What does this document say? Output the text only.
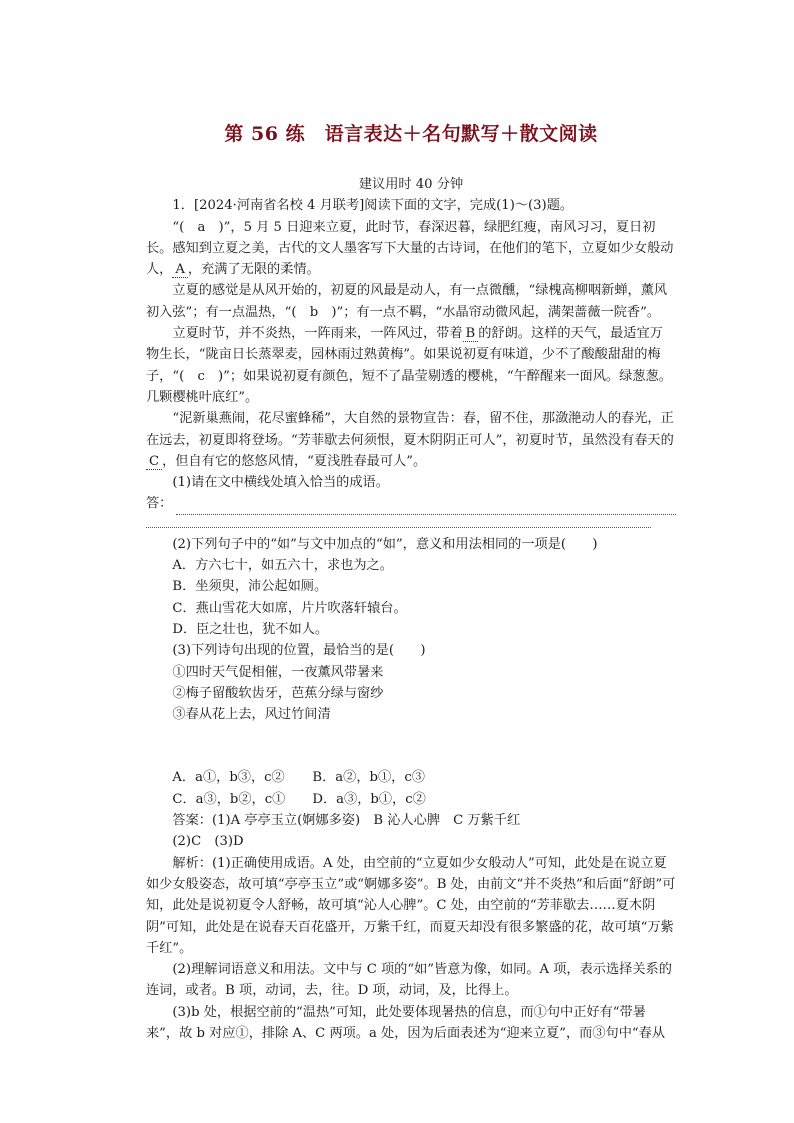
第 56 练　语言表达＋名句默写＋散文阅读

建议用时 40 分钟

1．[2024·河南省名校 4 月联考]阅读下面的文字，完成(1)～(3)题。

“(　a　)”，5 月 5 日迎来立夏，此时节，春深迟暮，绿肥红瘦，南风习习，夏日初长。感知到立夏之美，古代的文人墨客写下大量的古诗词，在他们的笔下，立夏如少女般动人， A ，充满了无限的柔情。

立夏的感觉是从风开始的，初夏的风最是动人，有一点微醺，“绿槐高柳咽新蝉，薰风初入弦”；有一点温热，“(　b　)”；有一点不羁，“水晶帘动微风起，满架蔷薇一院香”。

立夏时节，并不炎热，一阵雨来，一阵风过，带着 B 的舒朗。这样的天气，最适宜万物生长，“陇亩日长蒸翠麦，园林雨过熟黄梅”。如果说初夏有味道，少不了酸酸甜甜的梅子，“(　c　)”；如果说初夏有颜色，短不了晶莹剔透的樱桃，“午醉醒来一面风。绿葱葱。几颗樱桃叶底红”。

“泥新巢燕闹，花尽蜜蜂稀”，大自然的景物宣告：春，留不住，那潋滟动人的春光，正在远去，初夏即将登场。“芳菲歇去何须恨，夏木阴阴正可人”，初夏时节，虽然没有春天的C ，但自有它的悠悠风情，“夏浅胜春最可人”。

(1)请在文中横线处填入恰当的成语。

答：

(2)下列句子中的“如”与文中加点的“如”，意义和用法相同的一项是(　　)

A．方六七十，如五六十，求也为之。

B．坐须臾，沛公起如厕。

C．燕山雪花大如席，片片吹落轩辕台。

D．臣之壮也，犹不如人。

(3)下列诗句出现的位置，最恰当的是(　　)

①四时天气促相催，一夜薰风带暑来

②梅子留酸软齿牙，芭蕉分绿与窗纱

③春从花上去，风过竹间清

A．a①，b③，c② B．a②，b①，c③

C．a③，b②，c① D．a③，b①，c②

答案：(1)A 亭亭玉立(婀娜多姿)　B 沁人心脾　C 万紫千红

(2)C　(3)D

解析：(1)正确使用成语。A 处，由空前的“立夏如少女般动人”可知，此处是在说立夏如少女般姿态，故可填“亭亭玉立”或“婀娜多姿”。B 处，由前文“并不炎热”和后面“舒朗”可知，此处是说初夏令人舒畅，故可填“沁人心脾”。C 处，由空前的“芳菲歇去……夏木阴阴”可知，此处是在说春天百花盛开，万紫千红，而夏天却没有很多繁盛的花，故可填“万紫千红”。

(2)理解词语意义和用法。文中与 C 项的“如”皆意为像，如同。A 项，表示选择关系的连词，或者。B 项，动词，去，往。D 项，动词，及，比得上。

(3)b 处，根据空前的“温热”可知，此处要体现暑热的信息，而①句中正好有“带暑来”，故 b 对应①，排除 A、C 两项。a 处，因为后面表述为“迎来立夏”，而③句中“春从
